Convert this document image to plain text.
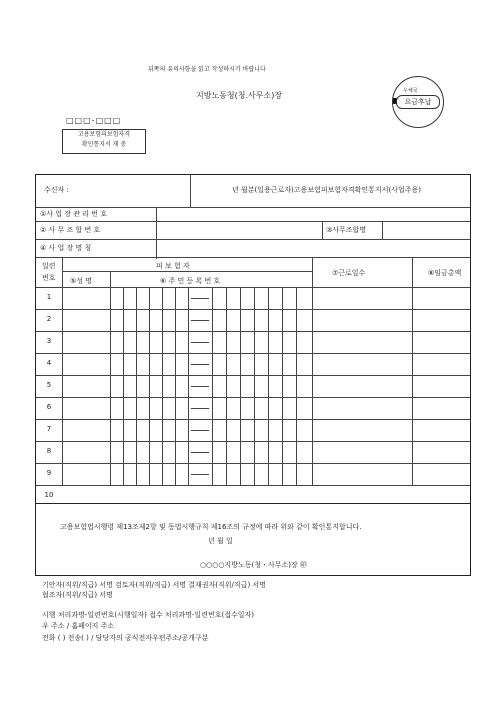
뒤쪽의 유의사항을 읽고 작성하시기 바랍니다
지방노동청(청.사무소)장	우체국
요금후납
□□□-□□□
고용보험피보험자격
확인통지서 재 중
수신자 :	년 월분(일용근로자)고용보험피보험자격확인통지서(사업주용)
①사 업 장 관 리 번 호
② 사 무 조 합 번 호	③사무조합명
④ 사 업 장 명 칭
일련
번호
피 보 험 자
⑤성 명	⑥ 주 민 등 록 번 호
⑦근로일수	⑧임금총액
1
2
3
4
5
6
7
8
9
10
고용보험법시행령 제13조제2항 및 동법시행규칙 제16조의 규정에 따라 위와 같이 확인통지합니다.
년 월 일
○○○○지방노동(청・사무소)장 ㊞
기안자(직위/직급) 서명 검토자(직위/직급) 서명 결재권자(직위/직급) 서명
협조자(직위/직급) 서명
시행 처리과명-일련번호(시행일자) 접수 처리과명-일련번호(접수일자)
우 주소 / 홈페이지 주소
전화 ( ) 전송( ) / 담당자의 공식전자우편주소/공개구분
